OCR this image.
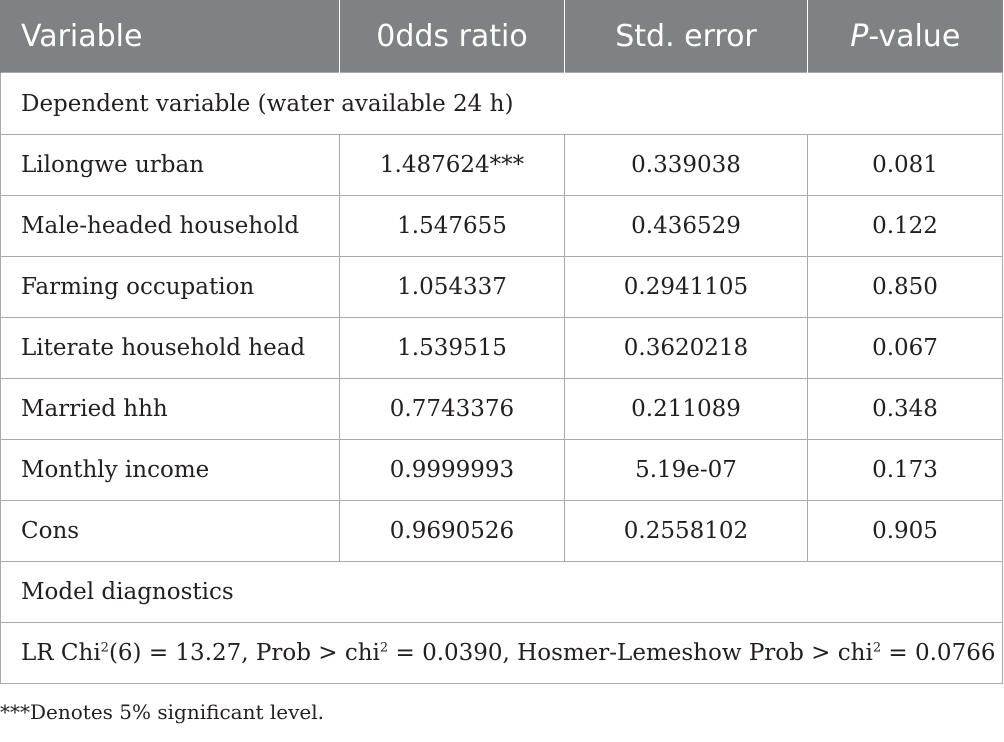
Variable	0dds ratio	Std. error	P-value
Dependent variable (water available 24 h)			
Lilongwe urban	1.487624***	0.339038	0.081
Male-headed household	1.547655	0.436529	0.122
Farming occupation	1.054337	0.2941105	0.850
Literate household head	1.539515	0.3620218	0.067
Married hhh	0.7743376	0.211089	0.348
Monthly income	0.9999993	5.19e-07	0.173
Cons	0.9690526	0.2558102	0.905
Model diagnostics			
LR Chi$^2$(6) = 13.27, Prob > chi$^2$ = 0.0390, Hosmer-Lemeshow Prob > chi$^2$ = 0.0766			

***Denotes 5% significant level.
